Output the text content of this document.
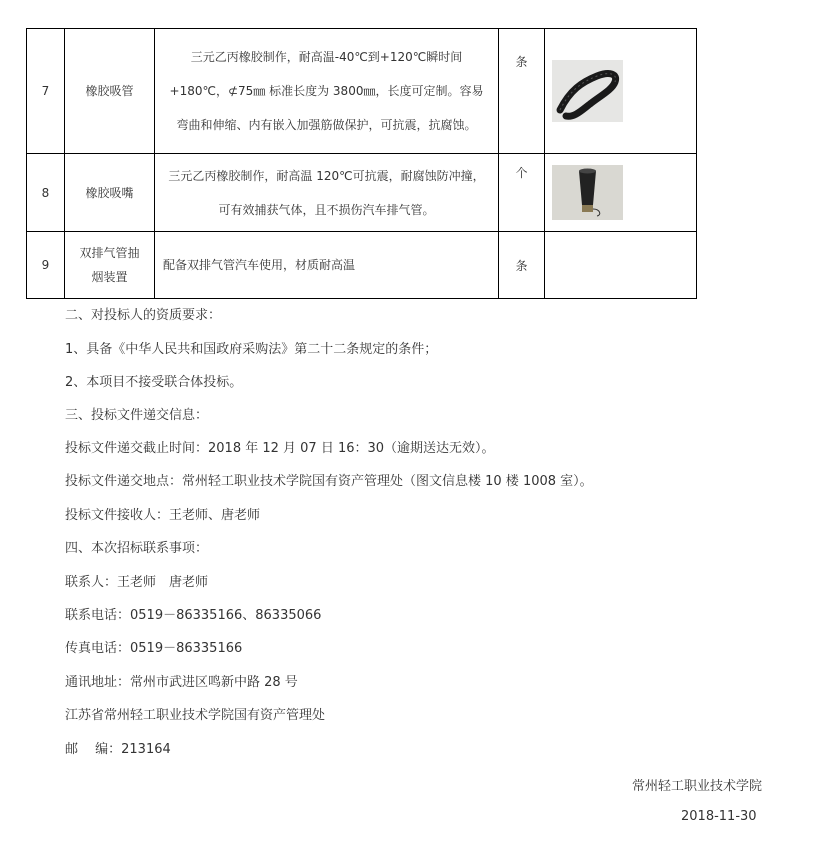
7	橡胶吸管	三元乙丙橡胶制作，耐高温-40℃到+120℃瞬时间
+180℃，⊄75㎜ 标准长度为 3800㎜，长度可定制。容易
弯曲和伸缩、内有嵌入加强筋做保护，可抗震，抗腐蚀。	条	

8	橡胶吸嘴	三元乙丙橡胶制作，耐高温 120℃可抗震，耐腐蚀防冲撞，
可有效捕获气体，且不损伤汽车排气管。	个	

9	双排气管抽
烟装置	配备双排气管汽车使用，材质耐高温	条	
二、对投标人的资质要求：
1、具备《中华人民共和国政府采购法》第二十二条规定的条件；
2、本项目不接受联合体投标。
三、投标文件递交信息：
投标文件递交截止时间：2018 年 12 月 07 日 16：30（逾期送达无效）。
投标文件递交地点：常州轻工职业技术学院国有资产管理处（图文信息楼 10 楼 1008 室）。
投标文件接收人：王老师、唐老师
四、本次招标联系事项：
联系人：王老师　唐老师
联系电话：0519－86335166、86335066
传真电话：0519－86335166
通讯地址：常州市武进区鸣新中路 28 号
江苏省常州轻工职业技术学院国有资产管理处
邮　 编：213164
常州轻工职业技术学院
2018-11-30
